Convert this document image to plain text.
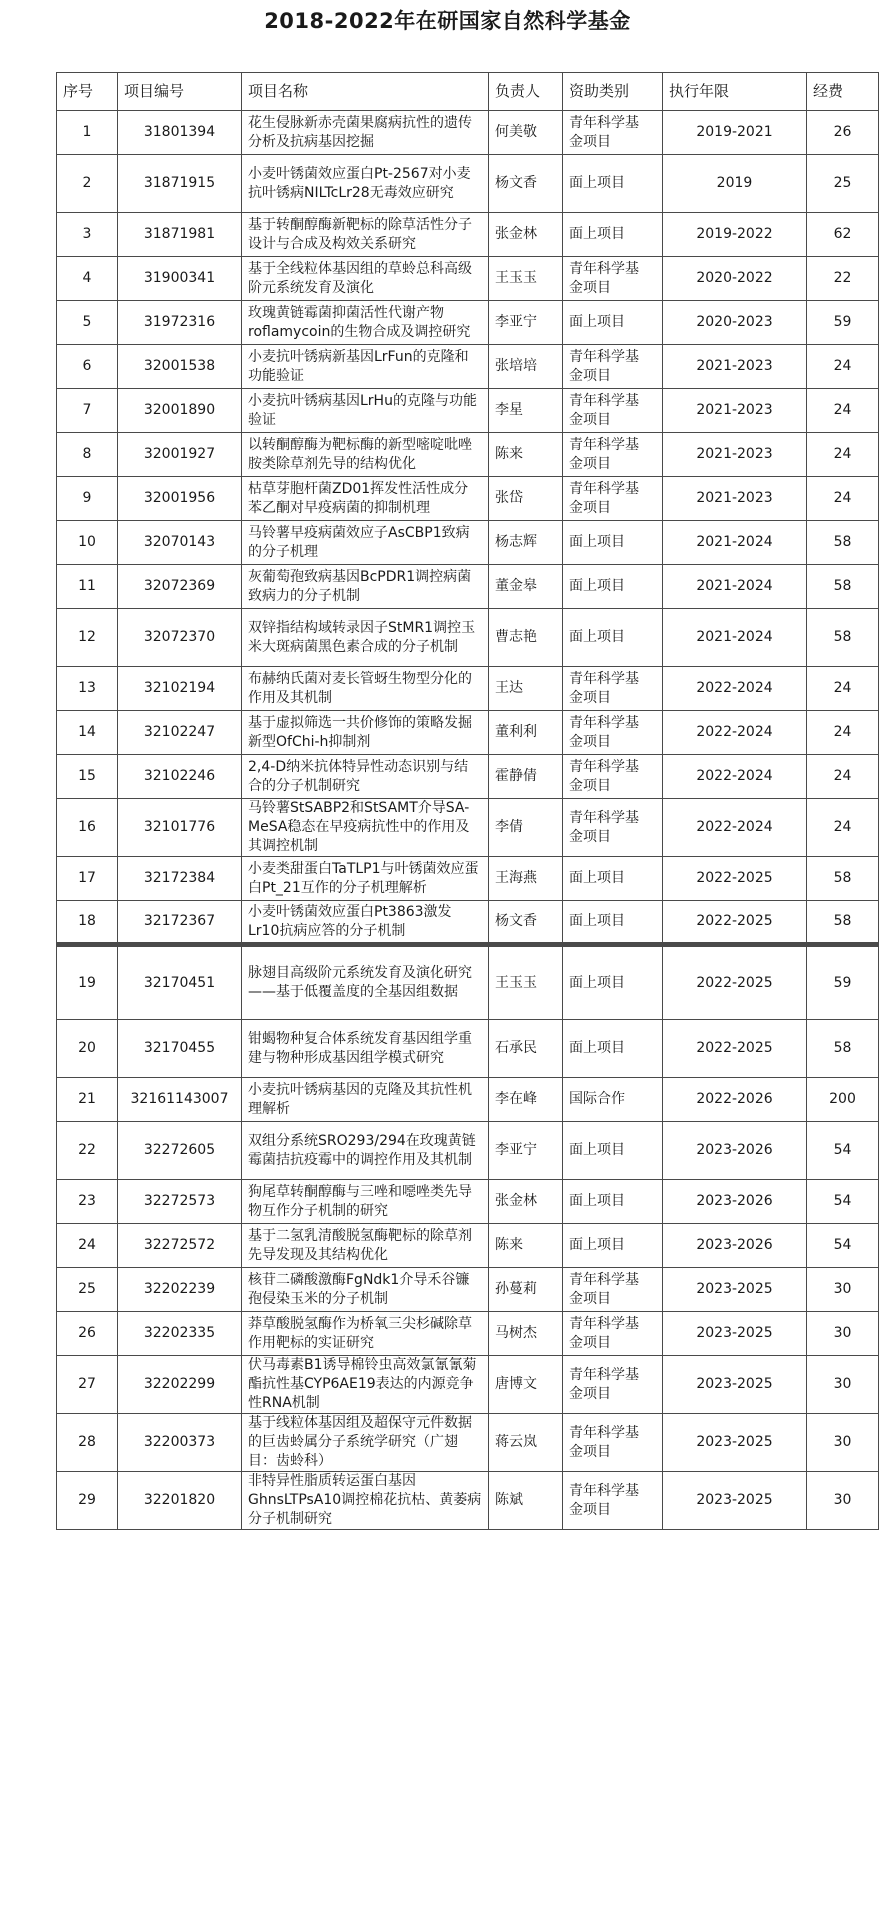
2018-2022年在研国家自然科学基金
序号	项目编号	项目名称	负责人	资助类别	执行年限	经费
1	31801394	花生侵脉新赤壳菌果腐病抗性的遗传分析及抗病基因挖掘	何美敬	青年科学基金项目	2019-2021	26
2	31871915	小麦叶锈菌效应蛋白Pt-2567对小麦抗叶锈病NILTcLr28无毒效应研究	杨文香	面上项目	2019	25
3	31871981	基于转酮醇酶新靶标的除草活性分子设计与合成及构效关系研究	张金林	面上项目	2019-2022	62
4	31900341	基于全线粒体基因组的草蛉总科高级阶元系统发育及演化	王玉玉	青年科学基金项目	2020-2022	22
5	31972316	玫瑰黄链霉菌抑菌活性代谢产物roflamycoin的生物合成及调控研究	李亚宁	面上项目	2020-2023	59
6	32001538	小麦抗叶锈病新基因LrFun的克隆和功能验证	张培培	青年科学基金项目	2021-2023	24
7	32001890	小麦抗叶锈病基因LrHu的克隆与功能验证	李星	青年科学基金项目	2021-2023	24
8	32001927	以转酮醇酶为靶标酶的新型嘧啶吡唑胺类除草剂先导的结构优化	陈来	青年科学基金项目	2021-2023	24
9	32001956	枯草芽胞杆菌ZD01挥发性活性成分苯乙酮对早疫病菌的抑制机理	张岱	青年科学基金项目	2021-2023	24
10	32070143	马铃薯早疫病菌效应子AsCBP1致病的分子机理	杨志辉	面上项目	2021-2024	58
11	32072369	灰葡萄孢致病基因BcPDR1调控病菌致病力的分子机制	董金皋	面上项目	2021-2024	58
12	32072370	双锌指结构域转录因子StMR1调控玉米大斑病菌黑色素合成的分子机制	曹志艳	面上项目	2021-2024	58
13	32102194	布赫纳氏菌对麦长管蚜生物型分化的作用及其机制	王达	青年科学基金项目	2022-2024	24
14	32102247	基于虚拟筛选一共价修饰的策略发掘新型OfChi-h抑制剂	董利利	青年科学基金项目	2022-2024	24
15	32102246	2,4-D纳米抗体特异性动态识别与结合的分子机制研究	霍静倩	青年科学基金项目	2022-2024	24
16	32101776	马铃薯StSABP2和StSAMT介导SA-MeSA稳态在早疫病抗性中的作用及其调控机制	李倩	青年科学基金项目	2022-2024	24
17	32172384	小麦类甜蛋白TaTLP1与叶锈菌效应蛋白Pt_21互作的分子机理解析	王海燕	面上项目	2022-2025	58
18	32172367	小麦叶锈菌效应蛋白Pt3863激发Lr10抗病应答的分子机制	杨文香	面上项目	2022-2025	58
19	32170451	脉翅目高级阶元系统发育及演化研究——基于低覆盖度的全基因组数据	王玉玉	面上项目	2022-2025	59
20	32170455	钳蝎物种复合体系统发育基因组学重建与物种形成基因组学模式研究	石承民	面上项目	2022-2025	58
21	32161143007	小麦抗叶锈病基因的克隆及其抗性机理解析	李在峰	国际合作	2022-2026	200
22	32272605	双组分系统SRO293/294在玫瑰黄链霉菌拮抗疫霉中的调控作用及其机制	李亚宁	面上项目	2023-2026	54
23	32272573	狗尾草转酮醇酶与三唑和噁唑类先导物互作分子机制的研究	张金林	面上项目	2023-2026	54
24	32272572	基于二氢乳清酸脱氢酶靶标的除草剂先导发现及其结构优化	陈来	面上项目	2023-2026	54
25	32202239	核苷二磷酸激酶FgNdk1介导禾谷镰孢侵染玉米的分子机制	孙蔓莉	青年科学基金项目	2023-2025	30
26	32202335	莽草酸脱氢酶作为桥氧三尖杉碱除草作用靶标的实证研究	马树杰	青年科学基金项目	2023-2025	30
27	32202299	伏马毒素B1诱导棉铃虫高效氯氰氰菊酯抗性基CYP6AE19表达的内源竞争性RNA机制	唐博文	青年科学基金项目	2023-2025	30
28	32200373	基于线粒体基因组及超保守元件数据的巨齿蛉属分子系统学研究（广翅目：齿蛉科）	蒋云岚	青年科学基金项目	2023-2025	30
29	32201820	非特异性脂质转运蛋白基因GhnsLTPsA10调控棉花抗枯、黄萎病分子机制研究	陈斌	青年科学基金项目	2023-2025	30
